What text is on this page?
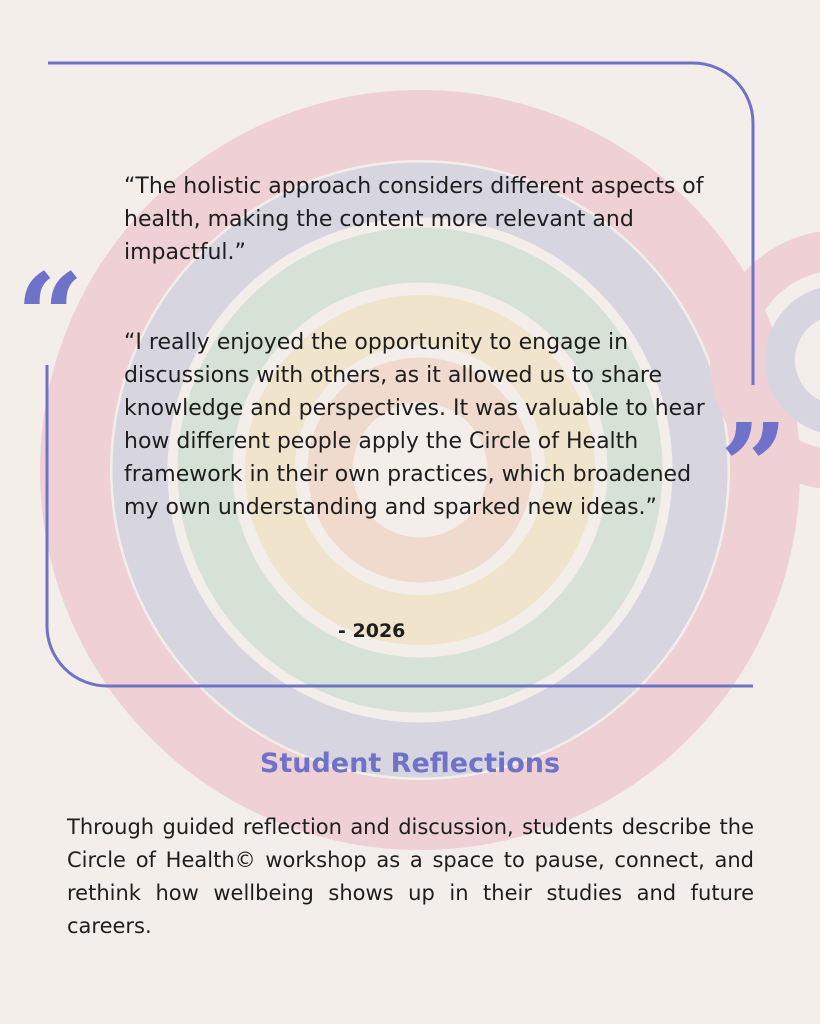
“
”

“The holistic approach considers different aspects of health, making the content more relevant and impactful.”

“I really enjoyed the opportunity to engage in discussions with others, as it allowed us to share knowledge and perspectives. It was valuable to hear how different people apply the Circle of Health framework in their own practices, which broadened my own understanding and sparked new ideas.”

- 2026
Student Reflections

Through guided reflection and discussion, students describe the Circle of Health© workshop as a space to pause, connect, and rethink how wellbeing shows up in their studies and future careers.
